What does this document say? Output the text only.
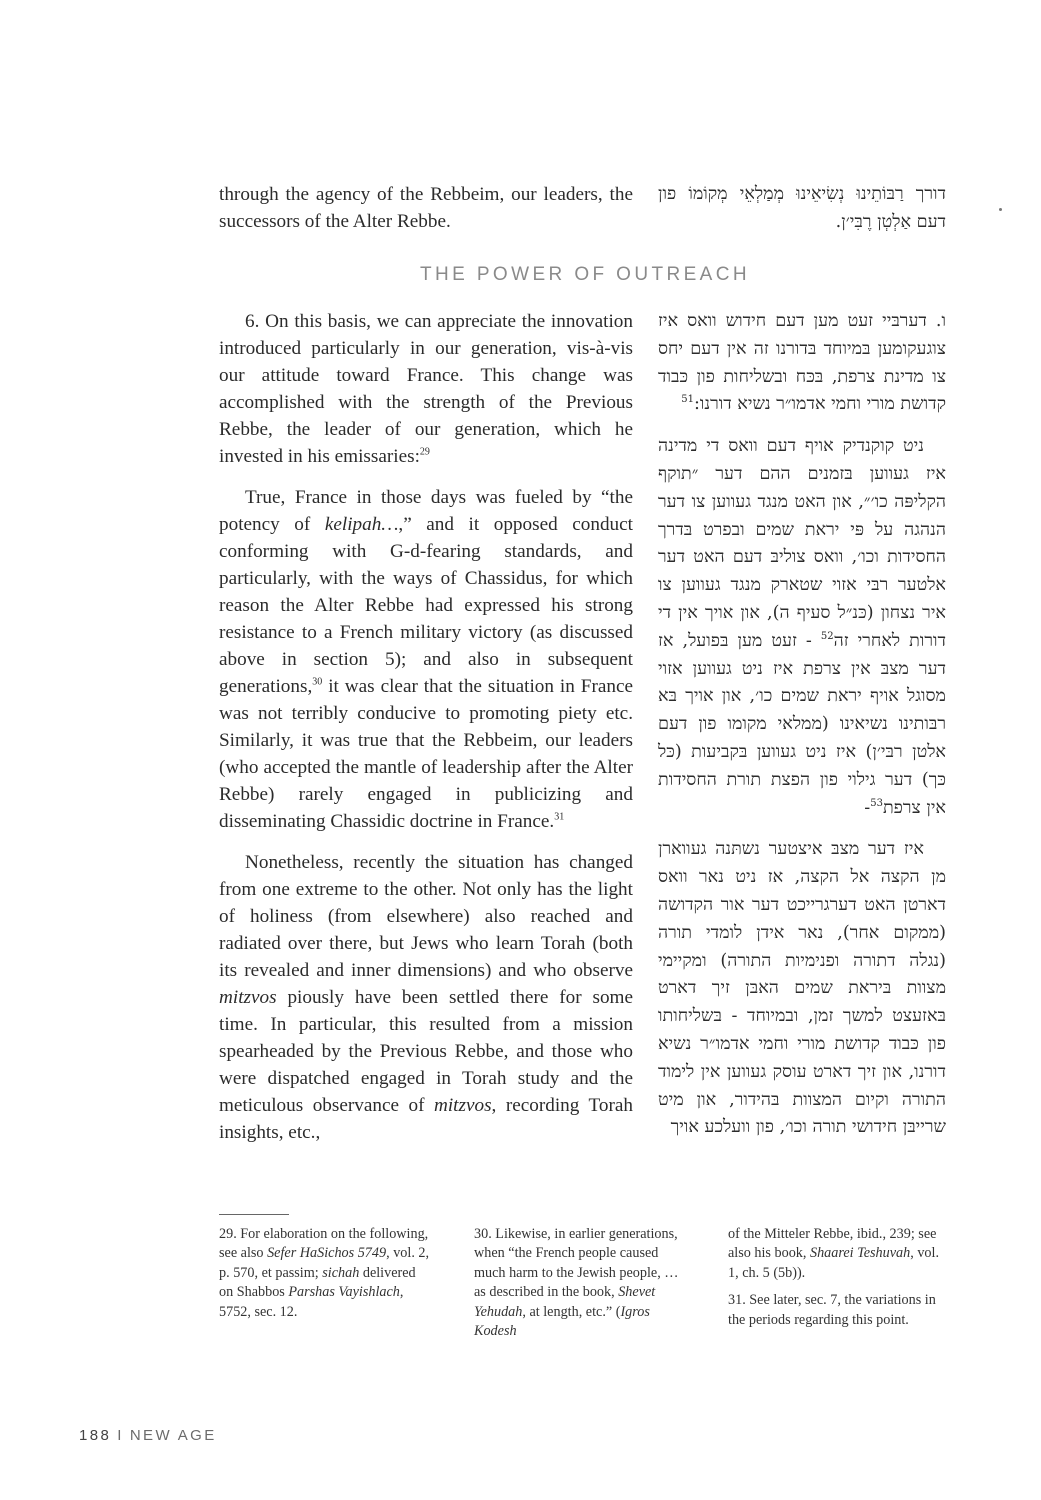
through the agency of the Rebbeim, our leaders, the successors of the Alter Rebbe.

דורך רַבּוֹתֵינוּ נְשִׂיאֵינוּ מְמַלְאֵי מְקוֹמוֹ פון דעם אַלְטְן רֶבִּי׳ן.

THE POWER OF OUTREACH

6. On this basis, we can appreciate the innovation introduced particularly in our generation, vis-à-vis our attitude toward France. This change was accomplished with the strength of the Previous Rebbe, the leader of our generation, which he invested in his emissaries:$^{29}$

True, France in those days was fueled by “the potency of kelipah…,” and it opposed conduct conforming with G-d-fearing standards, and particularly, with the ways of Chassidus, for which reason the Alter Rebbe had expressed his strong resistance to a French military victory (as discussed above in section 5); and also in subsequent generations,$^{30}$ it was clear that the situation in France was not terribly conducive to promoting piety etc. Similarly, it was true that the Rebbeim, our leaders (who accepted the mantle of leadership after the Alter Rebbe) rarely engaged in publicizing and disseminating Chassidic doctrine in France.$^{31}$

Nonetheless, recently the situation has changed from one extreme to the other. Not only has the light of holiness (from elsewhere) also reached and radiated over there, but Jews who learn Torah (both its revealed and inner dimensions) and who observe mitzvos piously have been settled there for some time. In particular, this resulted from a mission spearheaded by the Previous Rebbe, and those who were dispatched engaged in Torah study and the meticulous observance of mitzvos, recording Torah insights, etc.,

ו. דערבּיי זעט מען דעם חידוש וואס איז צוגעקומען בּמיוחד בּדורנו זה אין דעם יחס צו מדינת צרפת, בּכּח ובשליחות פון כּבוד קדושת מורי וחמי אדמו״ר נשיא דורנו:$^{51}$

ניט קוקנדיק אויף דעם וואס די מדינה איז געווען בּזמנים ההם דער ״תוקף הקליפּה כו׳״, און האט מנגד געווען צו דער הנהגה על פּי יראת שמים ובפרט בּדרך החסידות וכו׳, וואס צוליבּ דעם האט דער אלטער רבּי אזוי שטארק מנגד געווען צו איר נצחון (כּנ״ל סעיף ה), און אויך אין די דורות לאחרי זה$^{52}$ - זעט מען בּפועל, אז דער מצבּ אין צרפת איז ניט געווען אזוי מסוגל אויף יראת שמים כו׳, און אויך בּא רבּותינו נשיאינו (ממלאי מקומו פון דעם אלטן רבּי׳ן) איז ניט געווען בּקביעות (כּל כּך) דער גילוי פון הפצת תורת החסידות אין צרפת$^{53}$-

איז דער מצבּ איצטער נשתּנה געווארן מן הקצה אל הקצה, אז ניט נאר וואס דארטן האט דערגרייכט דער אור הקדושה (ממקום אחר), נאר אידן לומדי תורה (נגלה דתורה ופנימיות התורה) ומקיימי מצוות בּיראת שמים האבּן זיך דארט בּאזעצט למשך זמן, ובמיוחד - בּשליחותו פון כּבוד קדושת מורי וחמי אדמו״ר נשיא דורנו, און זיך דארט עוסק געווען אין לימוד התורה וקיום המצוות בּהידור, און מיט שרייבּן חידושי תורה וכו׳, פון וועלכע אויך

29. For elaboration on the following, see also Sefer HaSichos 5749, vol. 2, p. 570, et passim; sichah delivered on Shabbos Parshas Vayishlach, 5752, sec. 12.

30. Likewise, in earlier generations, when “the French people caused much harm to the Jewish people, … as described in the book, Shevet Yehudah, at length, etc.” (Igros Kodesh

of the Mitteler Rebbe, ibid., 239; see also his book, Shaarei Teshuvah, vol. 1, ch. 5 (5b)).

31. See later, sec. 7, the variations in the periods regarding this point.

188 I NEW AGE
